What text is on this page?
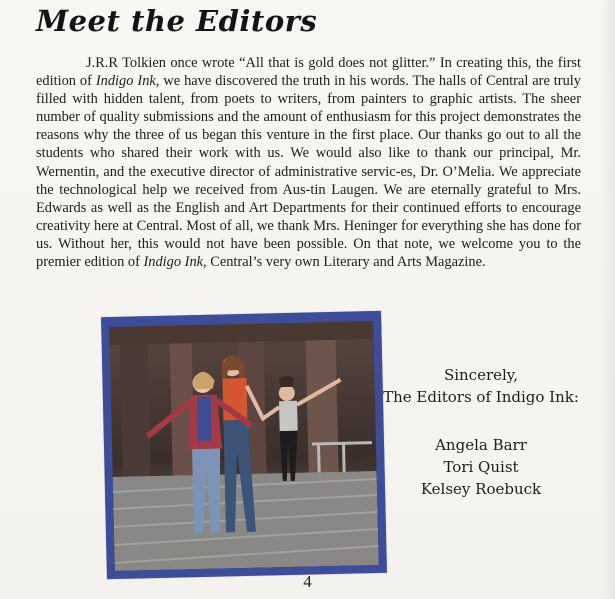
Meet the Editors

J.R.R Tolkien once wrote “All that is gold does not glitter.” In creating this, the first edition of Indigo Ink, we have discovered the truth in his words. The halls of Central are truly filled with hidden talent, from poets to writers, from painters to graphic artists. The sheer number of quality submissions and the amount of enthusiasm for this project demonstrates the reasons why the three of us began this venture in the first place. Our thanks go out to all the students who shared their work with us. We would also like to thank our principal, Mr. Wernentin, and the executive director of administrative servic-es, Dr. O’Melia. We appreciate the technological help we received from Aus-tin Laugen. We are eternally grateful to Mrs. Edwards as well as the English and Art Departments for their continued efforts to encourage creativity here at Central. Most of all, we thank Mrs. Heninger for everything she has done for us. Without her, this would not have been possible. On that note, we welcome you to the premier edition of Indigo Ink, Central’s very own Literary and Arts Magazine.

Sincerely,

The Editors of Indigo Ink:

Angela Barr

Tori Quist

Kelsey Roebuck

4
